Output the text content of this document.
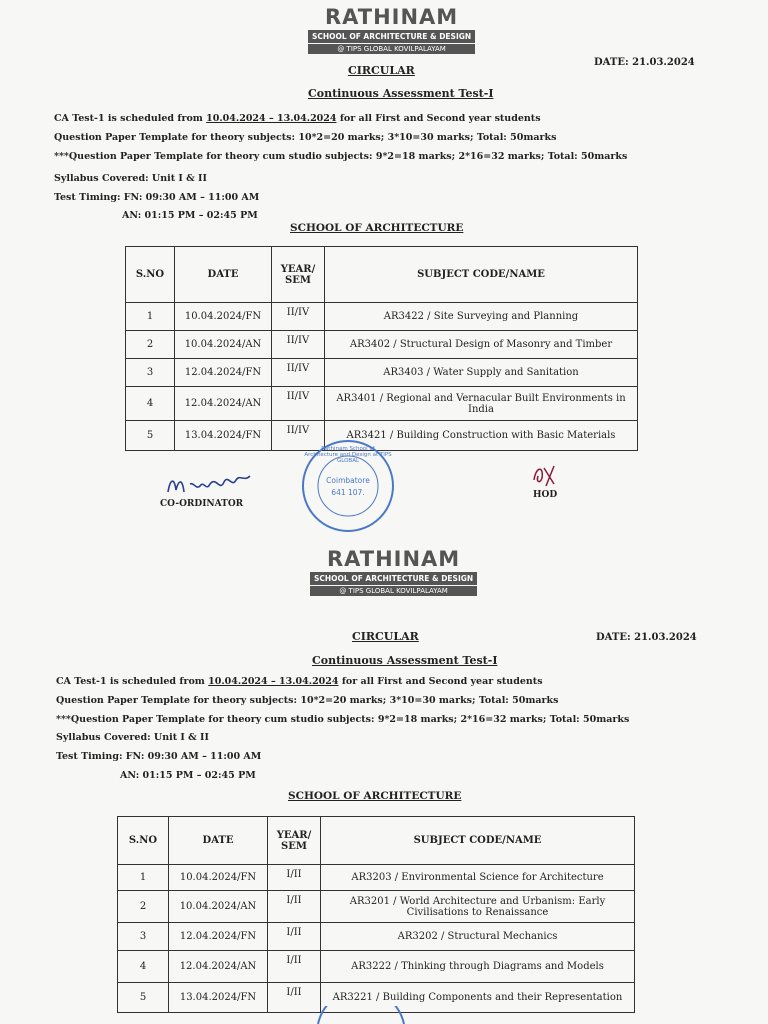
RATHINAM
SCHOOL OF ARCHITECTURE & DESIGN
@ TIPS GLOBAL KOVILPALAYAM
DATE: 21.03.2024
CIRCULAR
Continuous Assessment Test-I
CA Test-1 is scheduled from 10.04.2024 – 13.04.2024 for all First and Second year students
Question Paper Template for theory subjects: 10*2=20 marks; 3*10=30 marks; Total: 50marks
***Question Paper Template for theory cum studio subjects: 9*2=18 marks; 2*16=32 marks; Total: 50marks
Syllabus Covered: Unit I & II
Test Timing: FN: 09:30 AM – 11:00 AM
AN: 01:15 PM – 02:45 PM
SCHOOL OF ARCHITECTURE
S.NO	DATE	YEAR/ SEM	SUBJECT CODE/NAME
1	10.04.2024/FN	II/IV	AR3422 / Site Surveying and Planning
2	10.04.2024/AN	II/IV	AR3402 / Structural Design of Masonry and Timber
3	12.04.2024/FN	II/IV	AR3403 / Water Supply and Sanitation
4	12.04.2024/AN	II/IV	AR3401 / Regional and Vernacular Built Environments in India
5	13.04.2024/FN	II/IV	AR3421 / Building Construction with Basic Materials
CO-ORDINATOR
Rathinam School of Architecture and Design at TIPS GLOBAL
Coimbatore
641 107.	HOD
RATHINAM
SCHOOL OF ARCHITECTURE & DESIGN
@ TIPS GLOBAL KOVILPALAYAM
DATE: 21.03.2024
CIRCULAR
Continuous Assessment Test-I
CA Test-1 is scheduled from 10.04.2024 – 13.04.2024 for all First and Second year students
Question Paper Template for theory subjects: 10*2=20 marks; 3*10=30 marks; Total: 50marks
***Question Paper Template for theory cum studio subjects: 9*2=18 marks; 2*16=32 marks; Total: 50marks
Syllabus Covered: Unit I & II
Test Timing: FN: 09:30 AM – 11:00 AM
AN: 01:15 PM – 02:45 PM
SCHOOL OF ARCHITECTURE
S.NO	DATE	YEAR/ SEM	SUBJECT CODE/NAME
1	10.04.2024/FN	I/II	AR3203 / Environmental Science for Architecture
2	10.04.2024/AN	I/II	AR3201 / World Architecture and Urbanism: Early Civilisations to Renaissance
3	12.04.2024/FN	I/II	AR3202 / Structural Mechanics
4	12.04.2024/AN	I/II	AR3222 / Thinking through Diagrams and Models
5	13.04.2024/FN	I/II	AR3221 / Building Components and their Representation
